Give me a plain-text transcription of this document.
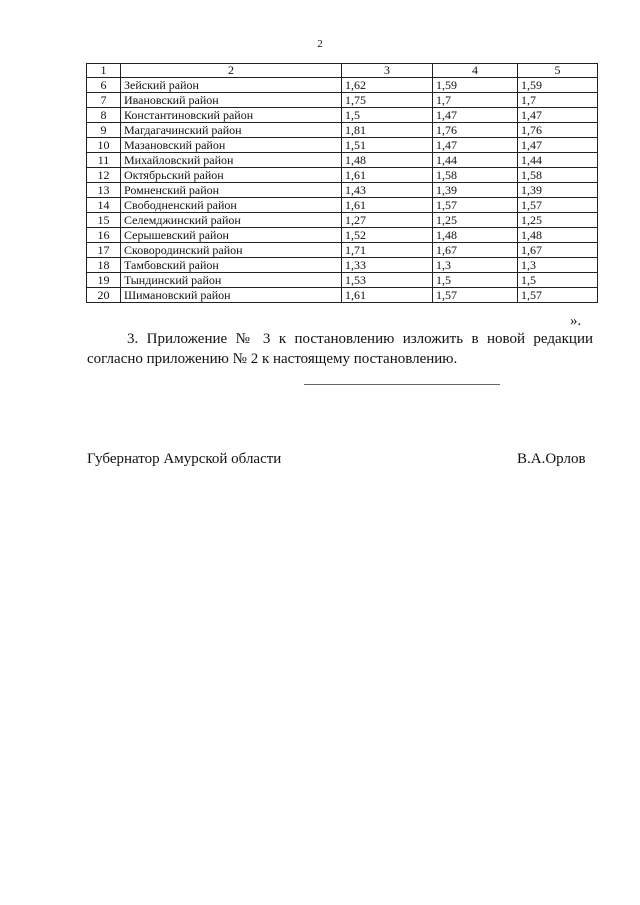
2
1	2	3	4	5
6	Зейский район	1,62	1,59	1,59
7	Ивановский район	1,75	1,7	1,7
8	Константиновский район	1,5	1,47	1,47
9	Магдагачинский район	1,81	1,76	1,76
10	Мазановский район	1,51	1,47	1,47
11	Михайловский район	1,48	1,44	1,44
12	Октябрьский район	1,61	1,58	1,58
13	Ромненский район	1,43	1,39	1,39
14	Свободненский район	1,61	1,57	1,57
15	Селемджинский район	1,27	1,25	1,25
16	Серышевский район	1,52	1,48	1,48
17	Сковородинский район	1,71	1,67	1,67
18	Тамбовский район	1,33	1,3	1,3
19	Тындинский район	1,53	1,5	1,5
20	Шимановский район	1,61	1,57	1,57
».
3. Приложение № 3 к постановлению изложить в новой редакции согласно приложению № 2 к настоящему постановлению.
Губернатор Амурской области	В.А.Орлов
